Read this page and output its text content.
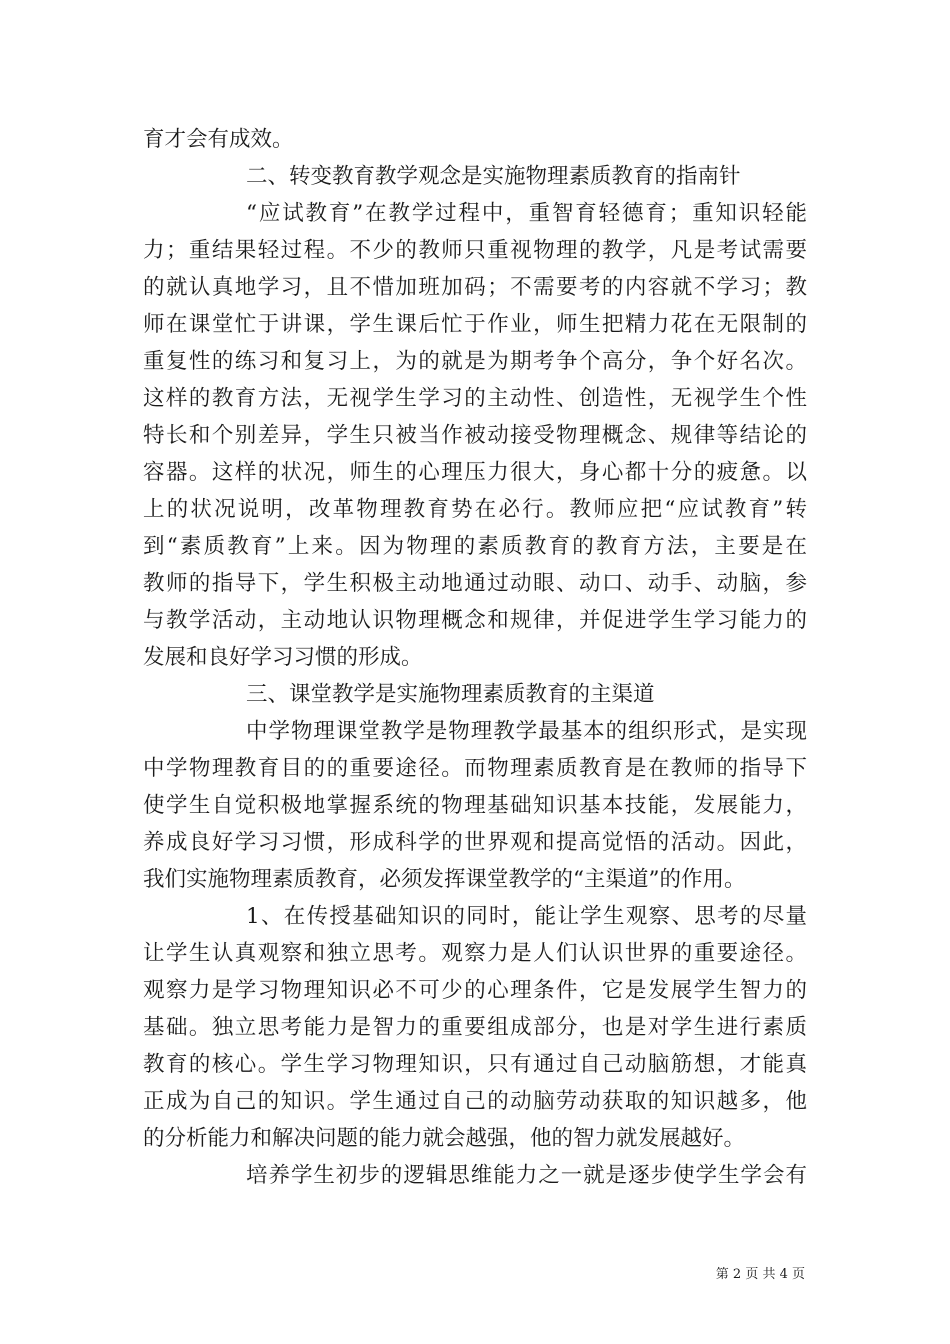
育才会有成效。
二、转变教育教学观念是实施物理素质教育的指南针
“应试教育”在教学过程中，重智育轻德育；重知识轻能
力；重结果轻过程。不少的教师只重视物理的教学，凡是考试需要
的就认真地学习，且不惜加班加码；不需要考的内容就不学习；教
师在课堂忙于讲课，学生课后忙于作业，师生把精力花在无限制的
重复性的练习和复习上，为的就是为期考争个高分，争个好名次。
这样的教育方法，无视学生学习的主动性、创造性，无视学生个性
特长和个别差异，学生只被当作被动接受物理概念、规律等结论的
容器。这样的状况，师生的心理压力很大，身心都十分的疲惫。以
上的状况说明，改革物理教育势在必行。教师应把“应试教育”转
到“素质教育”上来。因为物理的素质教育的教育方法，主要是在
教师的指导下，学生积极主动地通过动眼、动口、动手、动脑，参
与教学活动，主动地认识物理概念和规律，并促进学生学习能力的
发展和良好学习习惯的形成。
三、课堂教学是实施物理素质教育的主渠道
中学物理课堂教学是物理教学最基本的组织形式，是实现
中学物理教育目的的重要途径。而物理素质教育是在教师的指导下
使学生自觉积极地掌握系统的物理基础知识基本技能，发展能力，
养成良好学习习惯，形成科学的世界观和提高觉悟的活动。因此，
我们实施物理素质教育，必须发挥课堂教学的“主渠道”的作用。
1、在传授基础知识的同时，能让学生观察、思考的尽量
让学生认真观察和独立思考。观察力是人们认识世界的重要途径。
观察力是学习物理知识必不可少的心理条件，它是发展学生智力的
基础。独立思考能力是智力的重要组成部分，也是对学生进行素质
教育的核心。学生学习物理知识，只有通过自己动脑筋想，才能真
正成为自己的知识。学生通过自己的动脑劳动获取的知识越多，他
的分析能力和解决问题的能力就会越强，他的智力就发展越好。
培养学生初步的逻辑思维能力之一就是逐步使学生学会有
第 2 页 共 4 页
